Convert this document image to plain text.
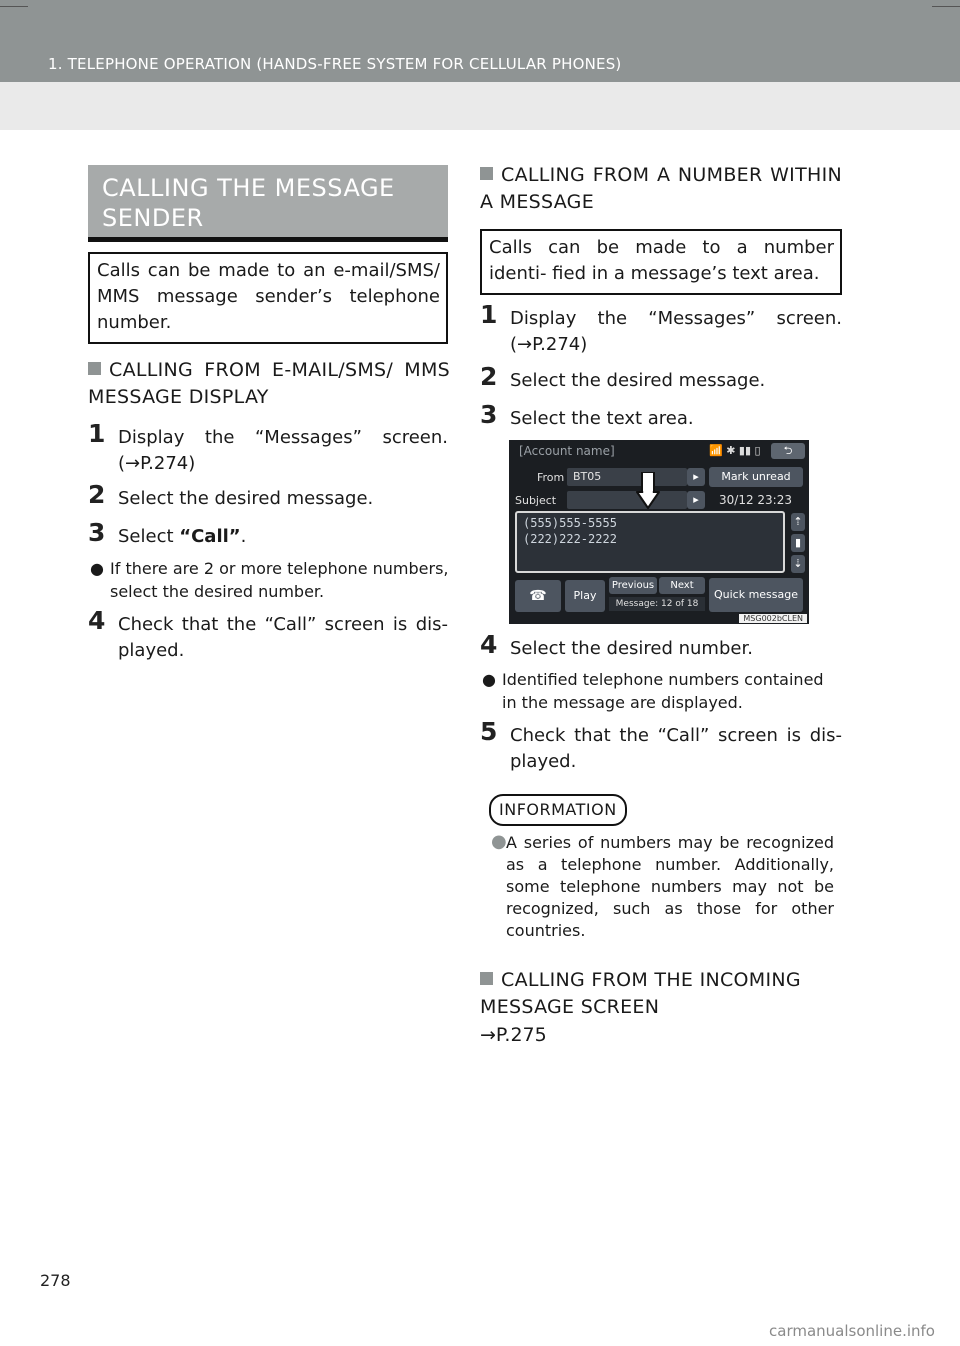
1. TELEPHONE OPERATION (HANDS-FREE SYSTEM FOR CELLULAR PHONES)
CALLING THE MESSAGE SENDER
Calls can be made to an e-mail/SMS/ MMS message sender’s telephone number.
CALLING FROM E-MAIL/SMS/ MMS MESSAGE DISPLAY
1 Display the “Messages” screen. (→P.274)
2 Select the desired message.
3 Select “Call”.
● If there are 2 or more telephone numbers, select the desired number.
4 Check that the “Call” screen is dis- played.
CALLING FROM A NUMBER WITHIN A MESSAGE
Calls can be made to a number identi- fied in a message’s text area.
1 Display the “Messages” screen. (→P.274)
2 Select the desired message.
3 Select the text area.
[Account name]	📶 ✱ ▮▮ ▯	⮌
From BT05	▸	Mark unread
Subject	▸	30/12 23:23
(555)555-5555
(222)222-2222
⇡
▮
⇣
☎	Play
Previous	Next
Message: 12 of 18
Quick message
MSG002bCLEN
4 Select the desired number.
● Identified telephone numbers contained in the message are displayed.
5 Check that the “Call” screen is dis- played.
INFORMATION
● A series of numbers may be recognized as a telephone number. Additionally, some telephone numbers may not be recognized, such as those for other countries.
CALLING FROM THE INCOMING MESSAGE SCREEN
→P.275
278
carmanualsonline.info
